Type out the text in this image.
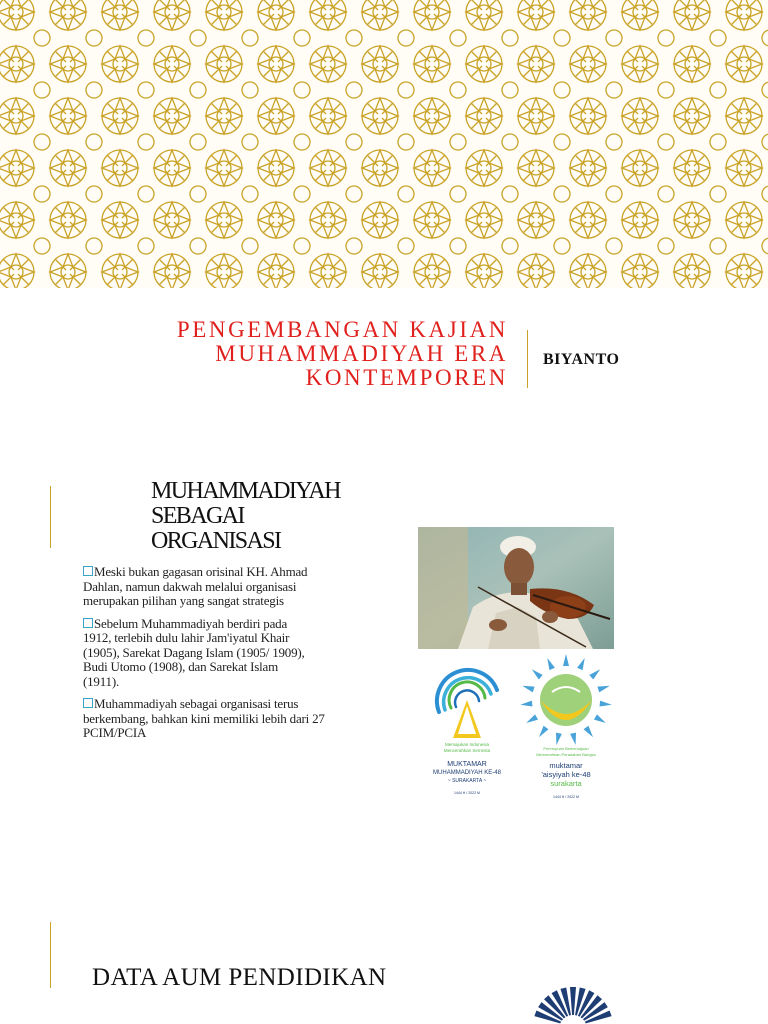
PENGEMBANGAN KAJIAN
MUHAMMADIYAH ERA
KONTEMPOREN
BIYANTO
MUHAMMADIYAH
SEBAGAI
ORGANISASI
Meski bukan gagasan orisinal KH. Ahmad
Dahlan, namun dakwah melalui organisasi
merupakan pilihan yang sangat strategis
Sebelum Muhammadiyah berdiri pada
1912, terlebih dulu lahir Jam'iyatul Khair
(1905), Sarekat Dagang Islam (1905/ 1909),
Budi Utomo (1908), dan Sarekat Islam
(1911).
Muhammadiyah sebagai organisasi terus
berkembang, bahkan kini memiliki lebih dari 27
PCIM/PCIA
Memajukan Indonesia
Mencerahkan Semesta
MUKTAMAR
MUHAMMADIYAH KE-48
~ SURAKARTA ~
1444 H / 2022 M
Perempuan Berkemajuan
Mencerahkan Peradaban Bangsa
muktamar
'aisyiyah ke-48
surakarta
1444 H / 2022 M
DATA AUM PENDIDIKAN
